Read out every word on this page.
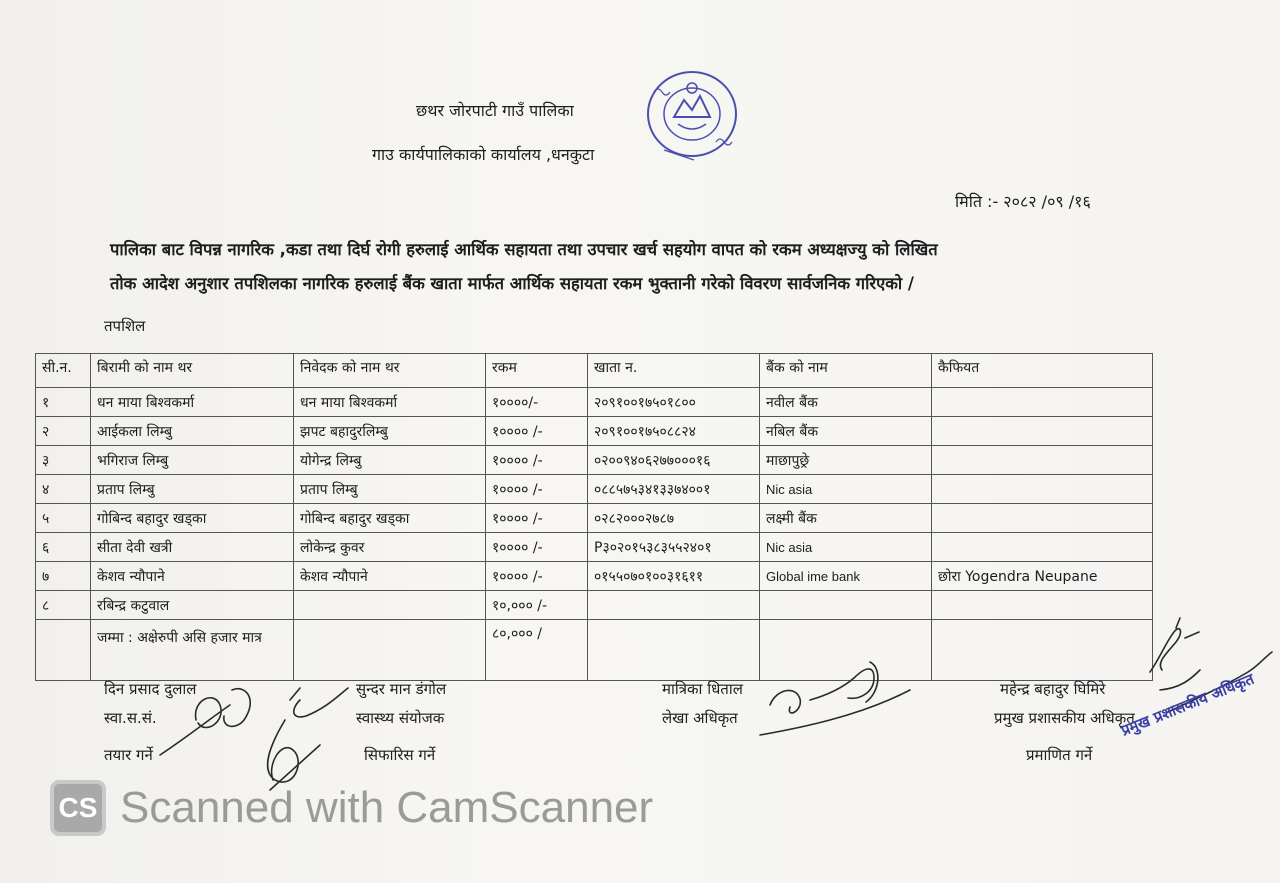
छथर जोरपाटी गाउँ पालिका
गाउ कार्यपालिकाको कार्यालय ,धनकुटा
मिति :- २०८२ /०९ /१६
पालिका बाट विपन्न नागरिक ,कडा तथा दिर्घ रोगी हरुलाई आर्थिक सहायता तथा उपचार खर्च सहयोग वापत को रकम अध्यक्षज्यु को लिखित
तोक आदेश अनुशार तपशिलका नागरिक हरुलाई बैंक खाता मार्फत आर्थिक सहायता रकम भुक्तानी गरेको विवरण सार्वजनिक गरिएको /
तपशिल
सी.न.	बिरामी को नाम थर	निवेदक को नाम थर	रकम	खाता न.	बैंक को नाम	कैफियत
१	धन माया बिश्वकर्मा	धन माया बिश्वकर्मा	१००००/-	२०९१००१७५०१८००	नवील बैंक	
२	आईकला लिम्बु	झपट बहादुरलिम्बु	१०००० /-	२०९१००१७५०८८२४	नबिल बैंक	
३	भगिराज लिम्बु	योगेन्द्र लिम्बु	१०००० /-	०२००९४०६२७७०००१६	माछापुछ्रे	
४	प्रताप लिम्बु	प्रताप लिम्बु	१०००० /-	०८८५७५३४१३३७४००१	Nic asia	
५	गोबिन्द बहादुर खड्का	गोबिन्द बहादुर खड्का	१०००० /-	०२८२०००२७८७	लक्ष्मी बैंक	
६	सीता देवी खत्री	लोकेन्द्र कुवर	१०००० /-	P३०२०१५३८३५५२४०१	Nic asia	
७	केशव न्यौपाने	केशव न्यौपाने	१०००० /-	०१५५०७०१००३१६११	Global ime bank	छोरा Yogendra Neupane
८	रबिन्द्र कटुवाल		१०,००० /-			
	जम्मा : अक्षेरुपी असि हजार मात्र		८०,००० /			
दिन प्रसाद दुलाल
स्वा.स.सं.
तयार गर्ने
सुन्दर मान डंगोल
स्वास्थ्य संयोजक
सिफारिस गर्ने
मात्रिका धिताल
लेखा अधिकृत
महेन्द्र बहादुर घिमिरे
प्रमुख प्रशासकीय अधिकृत
प्रमाणित गर्ने
प्रमुख प्रशासकीय अधिकृत
CS Scanned with CamScanner
